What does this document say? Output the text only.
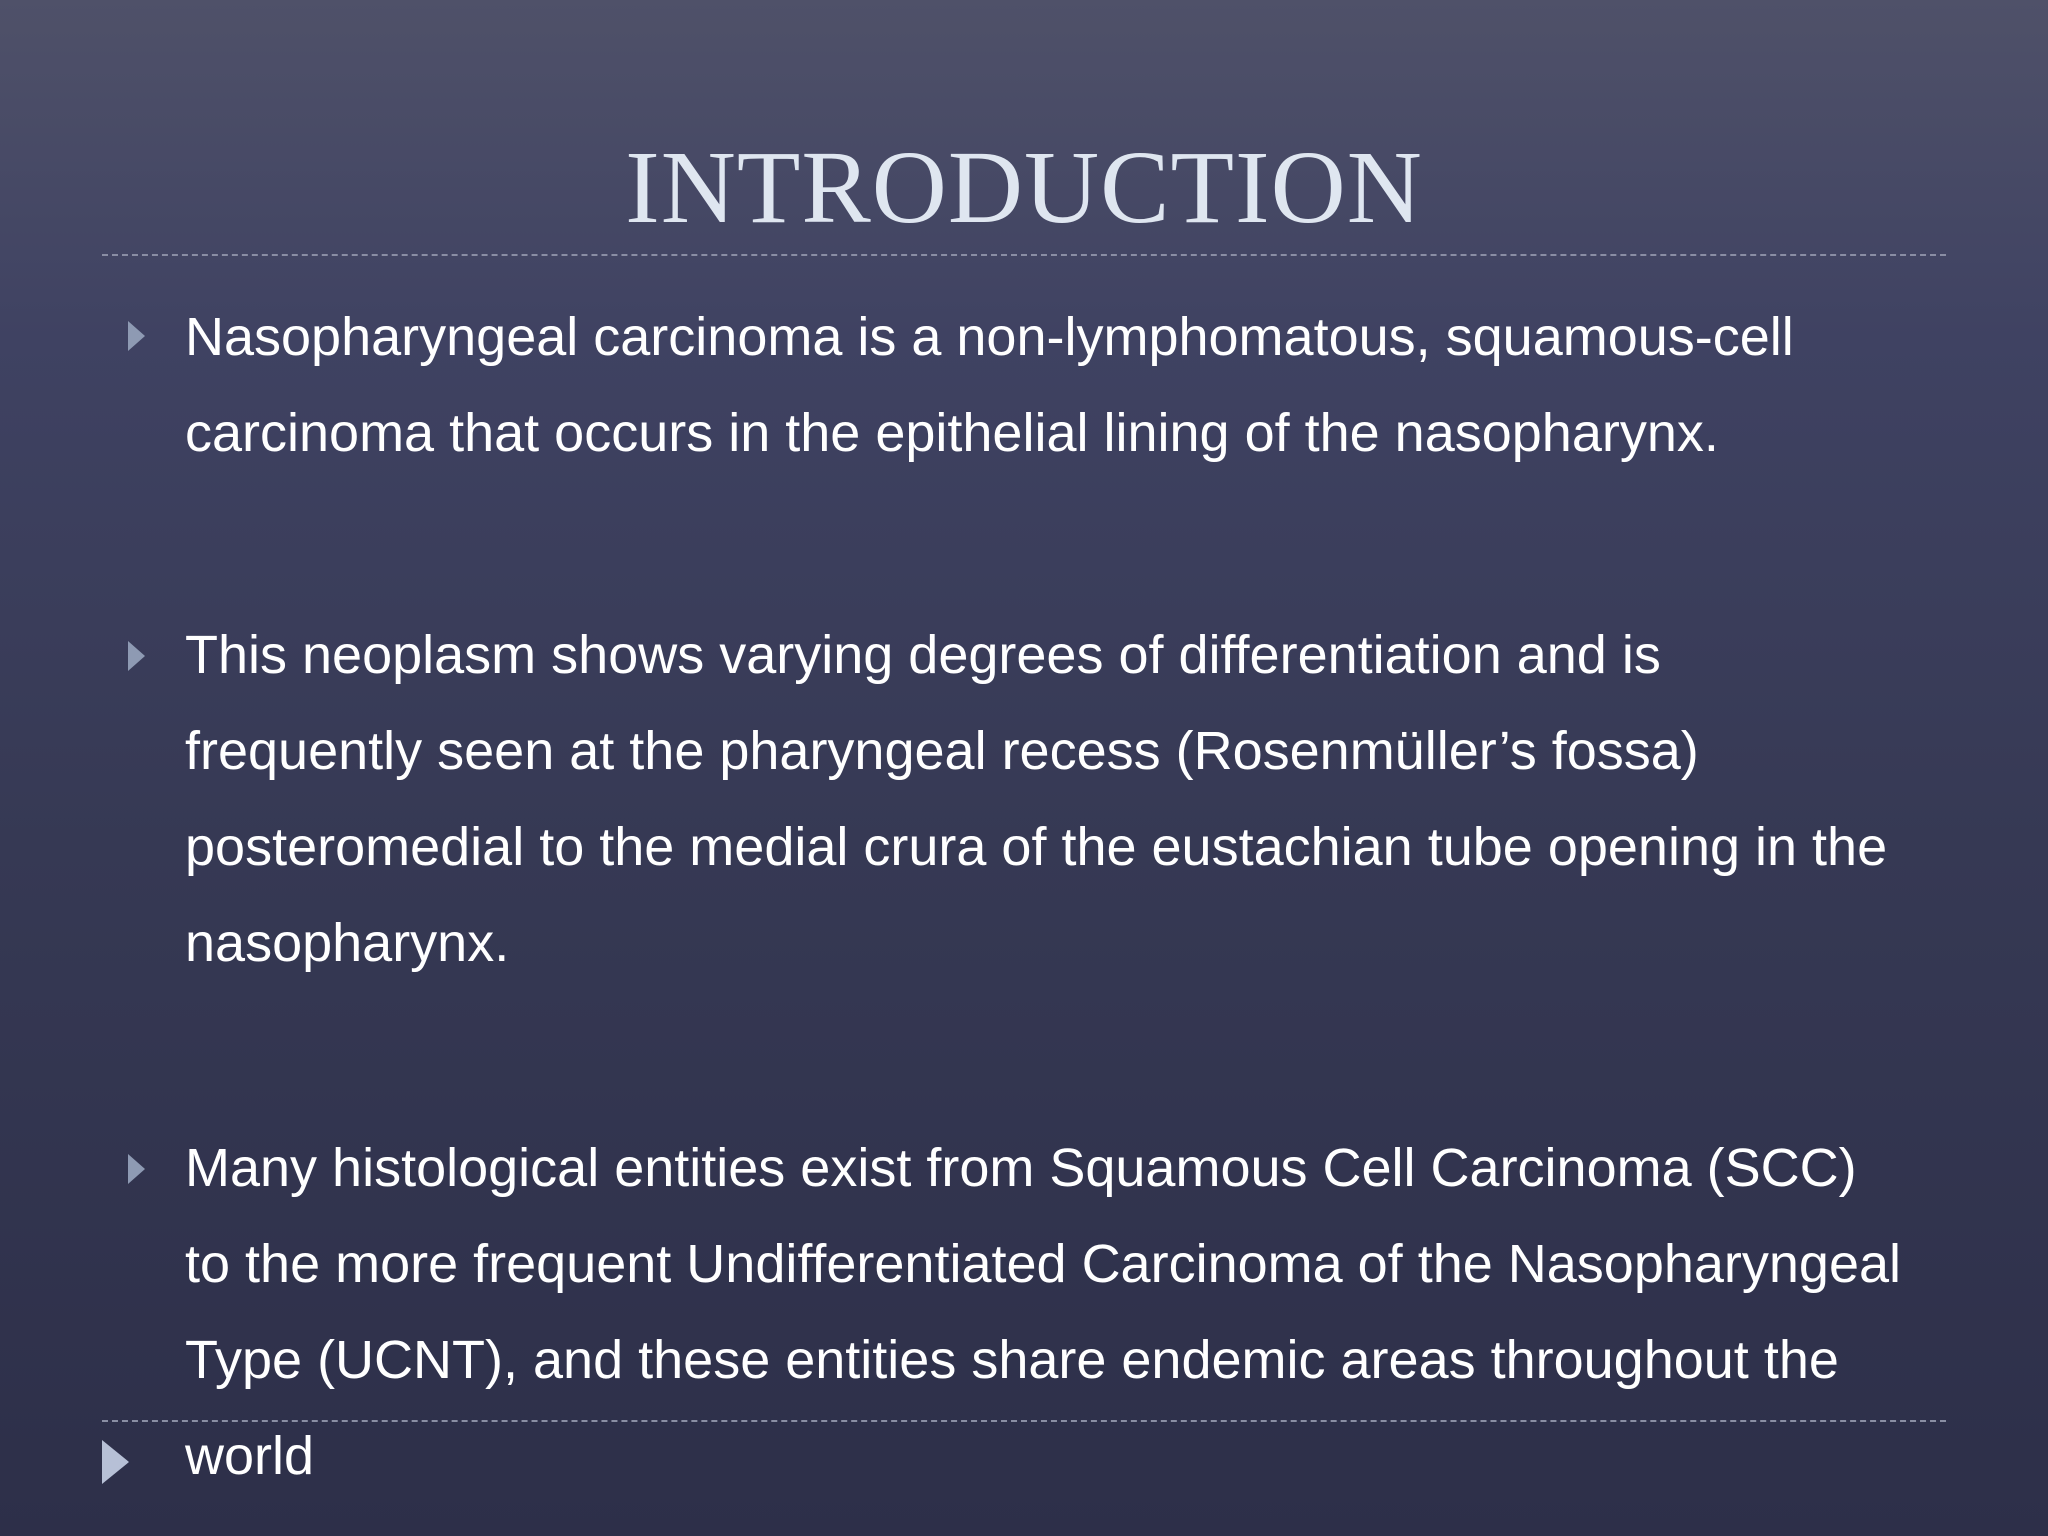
INTRODUCTION

Nasopharyngeal carcinoma is a non-lymphomatous, squamous-cell carcinoma that occurs in the epithelial lining of the nasopharynx.

This neoplasm shows varying degrees of differentiation and is frequently seen at the pharyngeal recess (Rosenmüller’s fossa) posteromedial to the medial crura of the eustachian tube opening in the nasopharynx.

Many histological entities exist from Squamous Cell Carcinoma (SCC) to the more frequent Undifferentiated Carcinoma of the Nasopharyngeal Type (UCNT), and these entities share endemic areas throughout the world
